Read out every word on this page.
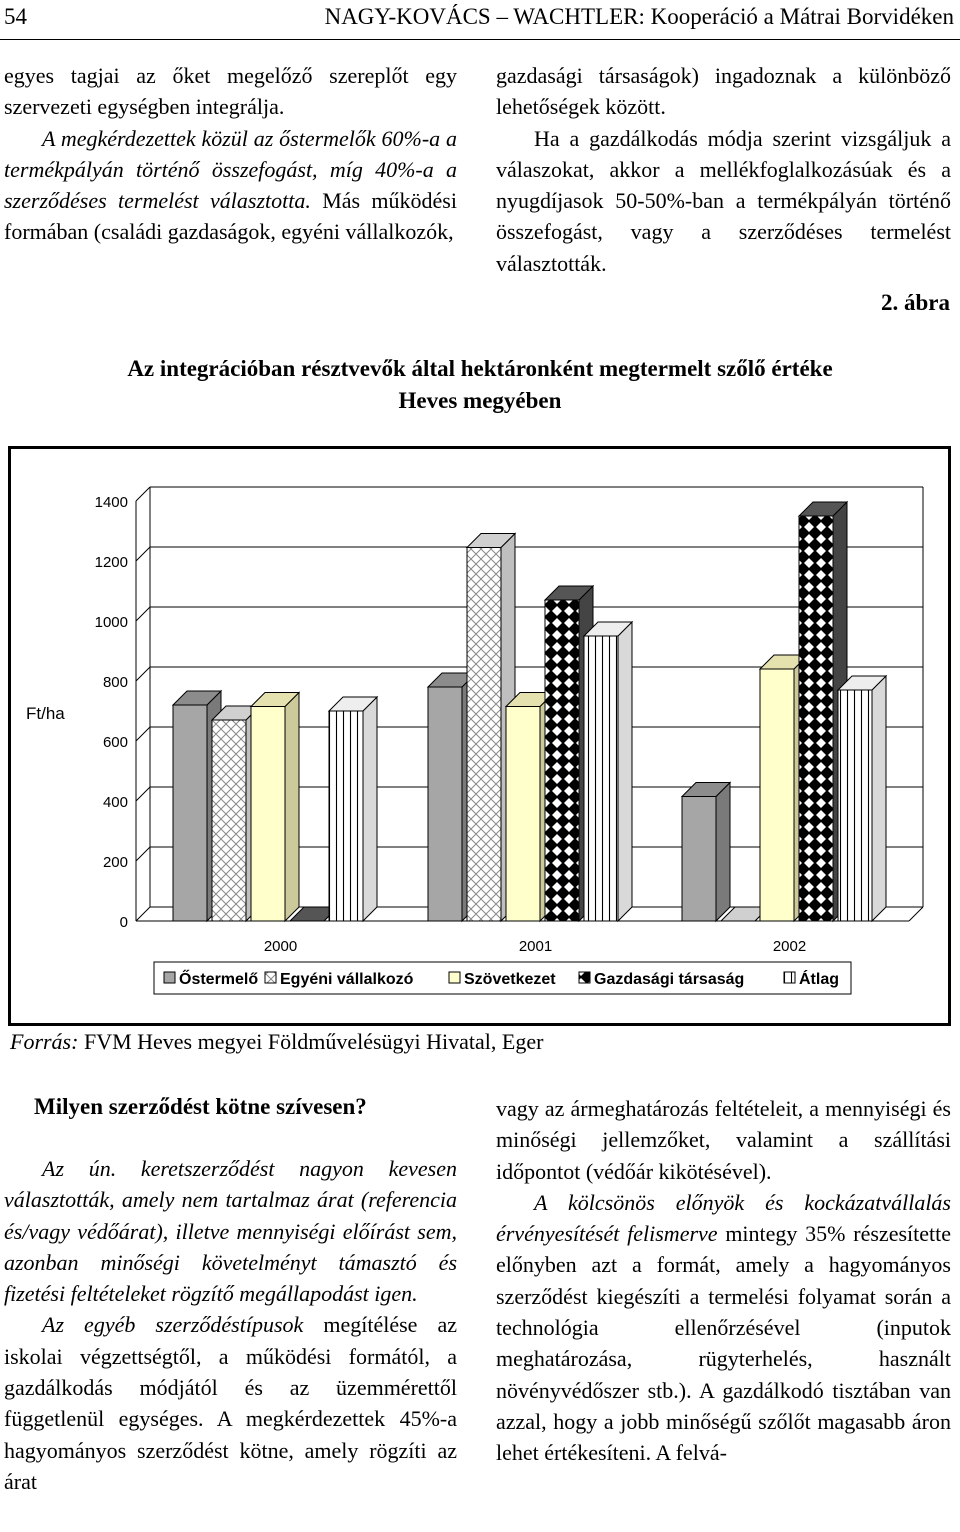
54	NAGY-KOVÁCS – WACHTLER: Kooperáció a Mátrai Borvidéken

egyes tagjai az őket megelőző szereplőt egy szervezeti egységben integrálja.

A megkérdezettek közül az őstermelők 60%-a a termékpályán történő összefogást, míg 40%-a a szerződéses termelést választotta. Más működési formában (családi gazdaságok, egyéni vállalkozók,

gazdasági társaságok) ingadoznak a különböző lehetőségek között.

Ha a gazdálkodás módja szerint vizsgáljuk a válaszokat, akkor a mellékfoglalkozásúak és a nyugdíjasok 50-50%-ban a termékpályán történő összefogást, vagy a szerződéses termelést választották.

2. ábra
Az integrációban résztvevők által hektáronként megtermelt szőlő értéke
Heves megyében
0
200
400
600
800
1000
1200
1400
2000	2001	2002
Ft/ha
Őstermelő Egyéni vállalkozó	Szövetkezet Gazdasági társaság	Átlag
Forrás: FVM Heves megyei Földművelésügyi Hivatal, Eger
Milyen szerződést kötne szívesen?

Az ún. keretszerződést nagyon kevesen választották, amely nem tartalmaz árat (referencia és/vagy védőárat), illetve mennyiségi előírást sem, azonban minőségi követelményt támasztó és fizetési feltételeket rögzítő megállapodást igen.

Az egyéb szerződéstípusok megítélése az iskolai végzettségtől, a működési formától, a gazdálkodás módjától és az üzemmérettől függetlenül egységes. A megkérdezettek 45%-a hagyományos szerződést kötne, amely rögzíti az árat

vagy az ármeghatározás feltételeit, a mennyiségi és minőségi jellemzőket, valamint a szállítási időpontot (védőár kikötésével).

A kölcsönös előnyök és kockázatvállalás érvényesítését felismerve mintegy 35% részesítette előnyben azt a formát, amely a hagyományos szerződést kiegészíti a termelési folyamat során a technológia ellenőrzésével (inputok meghatározása, rügyterhelés, használt növényvédőszer stb.). A gazdálkodó tisztában van azzal, hogy a jobb minőségű szőlőt magasabb áron lehet értékesíteni. A felvá-
